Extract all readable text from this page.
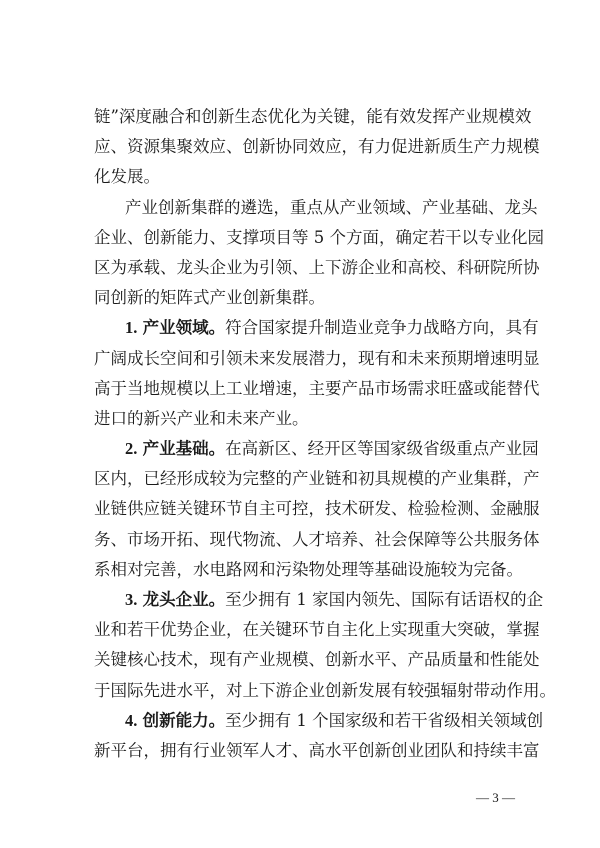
链”深度融合和创新生态优化为关键，能有效发挥产业规模效
应、资源集聚效应、创新协同效应，有力促进新质生产力规模
化发展。
产业创新集群的遴选，重点从产业领域、产业基础、龙头
企业、创新能力、支撑项目等 5 个方面，确定若干以专业化园
区为承载、龙头企业为引领、上下游企业和高校、科研院所协
同创新的矩阵式产业创新集群。
1. 产业领域。符合国家提升制造业竞争力战略方向，具有
广阔成长空间和引领未来发展潜力，现有和未来预期增速明显
高于当地规模以上工业增速，主要产品市场需求旺盛或能替代
进口的新兴产业和未来产业。
2. 产业基础。在高新区、经开区等国家级省级重点产业园
区内，已经形成较为完整的产业链和初具规模的产业集群，产
业链供应链关键环节自主可控，技术研发、检验检测、金融服
务、市场开拓、现代物流、人才培养、社会保障等公共服务体
系相对完善，水电路网和污染物处理等基础设施较为完备。
3. 龙头企业。至少拥有 1 家国内领先、国际有话语权的企
业和若干优势企业，在关键环节自主化上实现重大突破，掌握
关键核心技术，现有产业规模、创新水平、产品质量和性能处
于国际先进水平，对上下游企业创新发展有较强辐射带动作用。
4. 创新能力。至少拥有 1 个国家级和若干省级相关领域创
新平台，拥有行业领军人才、高水平创新创业团队和持续丰富
— 3 —
